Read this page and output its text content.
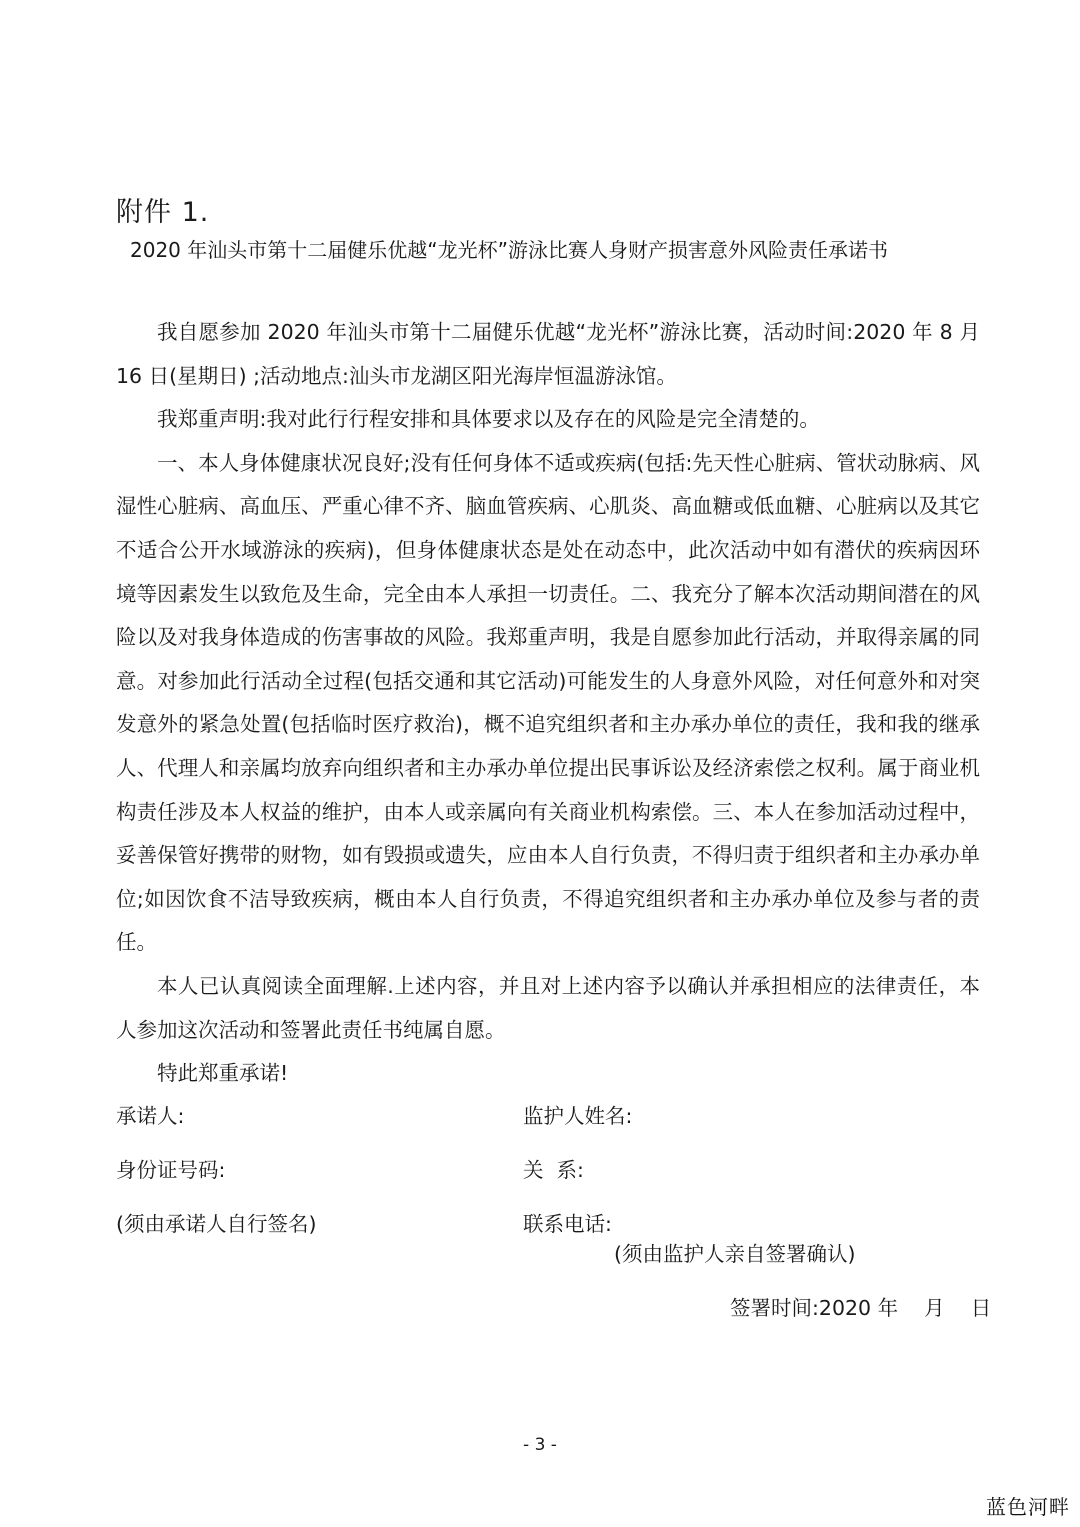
附件 1.
2020 年汕头市第十二届健乐优越“龙光杯”游泳比赛人身财产损害意外风险责任承诺书

我自愿参加 2020 年汕头市第十二届健乐优越“龙光杯”游泳比赛，活动时间:2020 年 8 月 16 日(星期日) ;活动地点:汕头市龙湖区阳光海岸恒温游泳馆。

我郑重声明:我对此行行程安排和具体要求以及存在的风险是完全清楚的。

一、本人身体健康状况良好;没有任何身体不适或疾病(包括:先天性心脏病、管状动脉病、风湿性心脏病、高血压、严重心律不齐、脑血管疾病、心肌炎、高血糖或低血糖、心脏病以及其它不适合公开水域游泳的疾病)，但身体健康状态是处在动态中，此次活动中如有潜伏的疾病因环境等因素发生以致危及生命，完全由本人承担一切责任。二、我充分了解本次活动期间潜在的风险以及对我身体造成的伤害事故的风险。我郑重声明，我是自愿参加此行活动，并取得亲属的同意。对参加此行活动全过程(包括交通和其它活动)可能发生的人身意外风险，对任何意外和对突发意外的紧急处置(包括临时医疗救治)，概不追究组织者和主办承办单位的责任，我和我的继承人、代理人和亲属均放弃向组织者和主办承办单位提出民事诉讼及经济索偿之权利。属于商业机构责任涉及本人权益的维护，由本人或亲属向有关商业机构索偿。三、本人在参加活动过程中，妥善保管好携带的财物，如有毁损或遗失，应由本人自行负责，不得归责于组织者和主办承办单位;如因饮食不洁导致疾病，概由本人自行负责，不得追究组织者和主办承办单位及参与者的责任。

本人已认真阅读全面理解.上述内容，并且对上述内容予以确认并承担相应的法律责任，本人参加这次活动和签署此责任书纯属自愿。

特此郑重承诺!

承诺人:	监护人姓名:
身份证号码:	关  系:
(须由承诺人自行签名)	联系电话:
(须由监护人亲自签署确认)
签署时间:2020 年    月    日
- 3 -
蓝色河畔
